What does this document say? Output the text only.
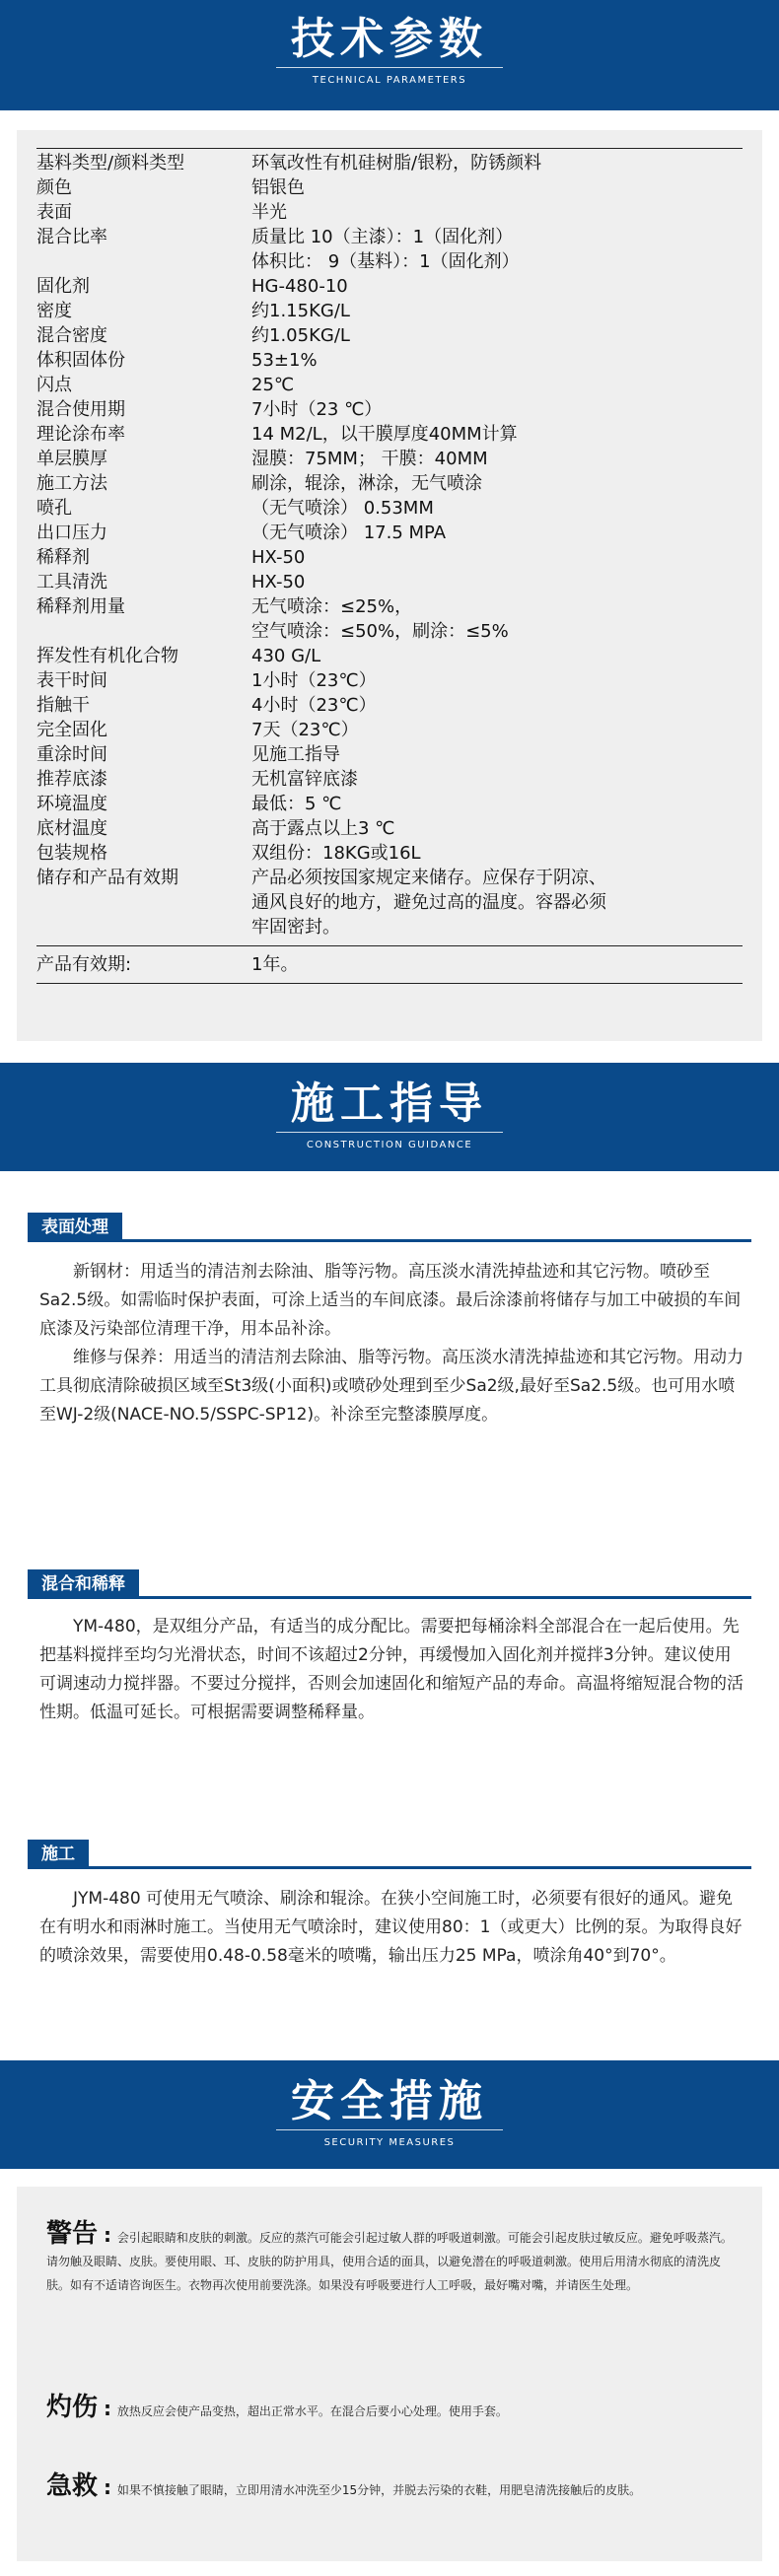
技术参数
TECHNICAL PARAMETERS
基料类型/颜料类型	环氧改性有机硅树脂/银粉，防锈颜料
颜色	铝银色
表面	半光
混合比率	质量比 10（主漆）：1（固化剂）
体积比： 9（基料）：1（固化剂）
固化剂	HG-480-10
密度	约1.15KG/L
混合密度	约1.05KG/L
体积固体份	53±1%
闪点	25℃
混合使用期	7小时（23 ℃）
理论涂布率	14 M2/L，以干膜厚度40MM计算
单层膜厚	湿膜：75MM； 干膜：40MM
施工方法	刷涂，辊涂，淋涂，无气喷涂
喷孔	（无气喷涂） 0.53MM
出口压力	（无气喷涂） 17.5 MPA
稀释剂	HX-50
工具清洗	HX-50
稀释剂用量	无气喷涂：≤25%，
空气喷涂：≤50%，刷涂：≤5%
挥发性有机化合物	430 G/L
表干时间	1小时（23℃）
指触干	4小时（23℃）
完全固化	7天（23℃）
重涂时间	见施工指导
推荐底漆	无机富锌底漆
环境温度	最低：5 ℃
底材温度	高于露点以上3 ℃
包装规格	双组份：18KG或16L
储存和产品有效期	产品必须按国家规定来储存。应保存于阴凉、
通风良好的地方，避免过高的温度。容器必须
牢固密封。
产品有效期:	1年。
施工指导
CONSTRUCTION GUIDANCE
表面处理

新钢材：用适当的清洁剂去除油、脂等污物。高压淡水清洗掉盐迹和其它污物。喷砂至Sa2.5级。如需临时保护表面，可涂上适当的车间底漆。最后涂漆前将储存与加工中破损的车间底漆及污染部位清理干净，用本品补涂。

维修与保养：用适当的清洁剂去除油、脂等污物。高压淡水清洗掉盐迹和其它污物。用动力工具彻底清除破损区域至St3级(小面积)或喷砂处理到至少Sa2级,最好至Sa2.5级。也可用水喷至WJ-2级(NACE-NO.5/SSPC-SP12)。补涂至完整漆膜厚度。

混合和稀释

YM-480，是双组分产品，有适当的成分配比。需要把每桶涂料全部混合在一起后使用。先把基料搅拌至均匀光滑状态，时间不该超过2分钟，再缓慢加入固化剂并搅拌3分钟。建议使用可调速动力搅拌器。不要过分搅拌，否则会加速固化和缩短产品的寿命。高温将缩短混合物的活性期。低温可延长。可根据需要调整稀释量。

施工

JYM-480 可使用无气喷涂、刷涂和辊涂。在狭小空间施工时，必须要有很好的通风。避免在有明水和雨淋时施工。当使用无气喷涂时，建议使用80：1（或更大）比例的泵。为取得良好的喷涂效果，需要使用0.48-0.58毫米的喷嘴，输出压力25 MPa，喷涂角40°到70°。

安全措施
SECURITY MEASURES
警告 : 会引起眼睛和皮肤的刺激。反应的蒸汽可能会引起过敏人群的呼吸道刺激。可能会引起皮肤过敏反应。避免呼吸蒸汽。请勿触及眼睛、皮肤。要使用眼、耳、皮肤的防护用具，使用合适的面具，以避免潜在的呼吸道刺激。使用后用清水彻底的清洗皮肤。如有不适请咨询医生。衣物再次使用前要洗涤。如果没有呼吸要进行人工呼吸，最好嘴对嘴，并请医生处理。
灼伤 : 放热反应会使产品变热，超出正常水平。在混合后要小心处理。使用手套。
急救 : 如果不慎接触了眼睛，立即用清水冲洗至少15分钟，并脱去污染的衣鞋，用肥皂清洗接触后的皮肤。
